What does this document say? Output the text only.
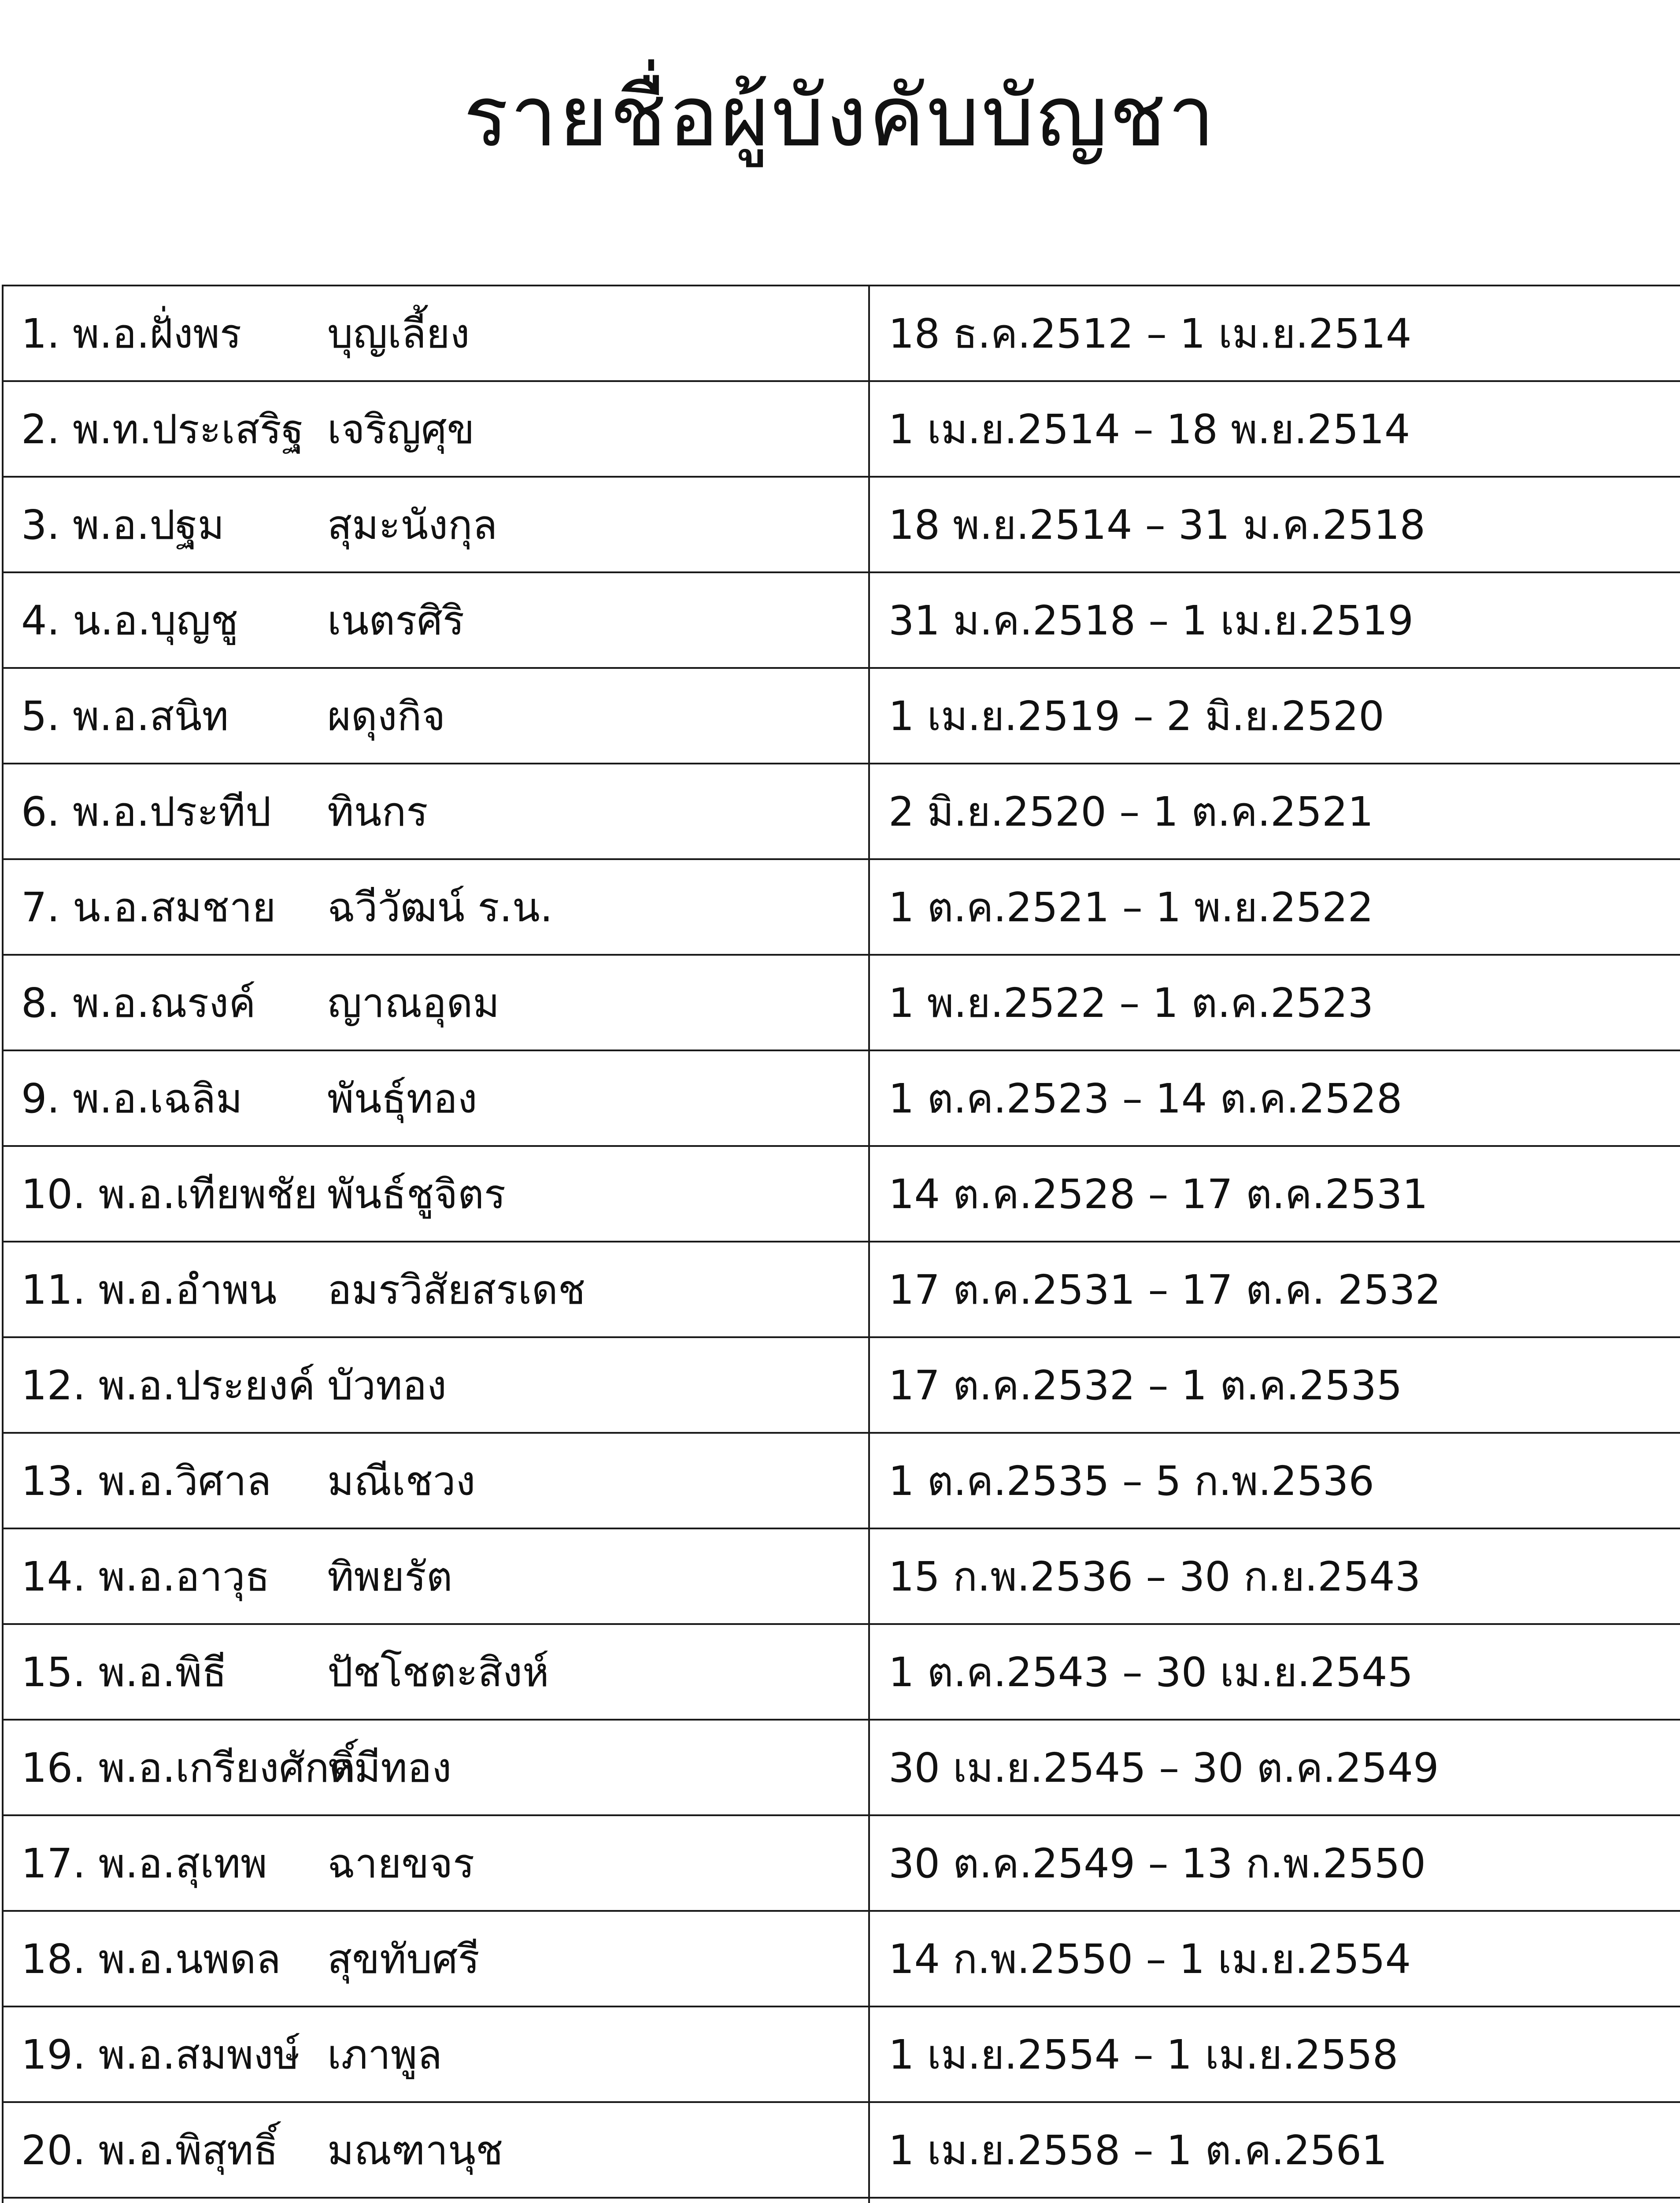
รายชื่อผู้บังคับบัญชา
1. พ.อ.ฝั่งพร บุญเลี้ยง	18 ธ.ค.2512 – 1 เม.ย.2514

2. พ.ท.ประเสริฐ เจริญศุข	1 เม.ย.2514 – 18 พ.ย.2514

3. พ.อ.ปฐม สุมะนังกุล	18 พ.ย.2514 – 31 ม.ค.2518

4. น.อ.บุญชู เนตรศิริ	31 ม.ค.2518 – 1 เม.ย.2519

5. พ.อ.สนิท ผดุงกิจ	1 เม.ย.2519 – 2 มิ.ย.2520

6. พ.อ.ประทีป ทินกร	2 มิ.ย.2520 – 1 ต.ค.2521

7. น.อ.สมชาย ฉวีวัฒน์ ร.น.	1 ต.ค.2521 – 1 พ.ย.2522

8. พ.อ.ณรงค์ ญาณอุดม	1 พ.ย.2522 – 1 ต.ค.2523

9. พ.อ.เฉลิม พันธุ์ทอง	1 ต.ค.2523 – 14 ต.ค.2528

10. พ.อ.เทียพชัย พันธ์ชูจิตร	14 ต.ค.2528 – 17 ต.ค.2531

11. พ.อ.อำพน อมรวิสัยสรเดช	17 ต.ค.2531 – 17 ต.ค. 2532

12. พ.อ.ประยงค์ บัวทอง	17 ต.ค.2532 – 1 ต.ค.2535

13. พ.อ.วิศาล มณีเชวง	1 ต.ค.2535 – 5 ก.พ.2536

14. พ.อ.อาวุธ ทิพยรัต	15 ก.พ.2536 – 30 ก.ย.2543

15. พ.อ.พิธี ปัชโชตะสิงห์	1 ต.ค.2543 – 30 เม.ย.2545

16. พ.อ.เกรียงศักดิ์
หมีทอง	30 เม.ย.2545 – 30 ต.ค.2549

17. พ.อ.สุเทพ ฉายขจร	30 ต.ค.2549 – 13 ก.พ.2550

18. พ.อ.นพดล สุขทับศรี	14 ก.พ.2550 – 1 เม.ย.2554

19. พ.อ.สมพงษ์ เภาพูล	1 เม.ย.2554 – 1 เม.ย.2558

20. พ.อ.พิสุทธิ์ มณฑานุช	1 เม.ย.2558 – 1 ต.ค.2561
